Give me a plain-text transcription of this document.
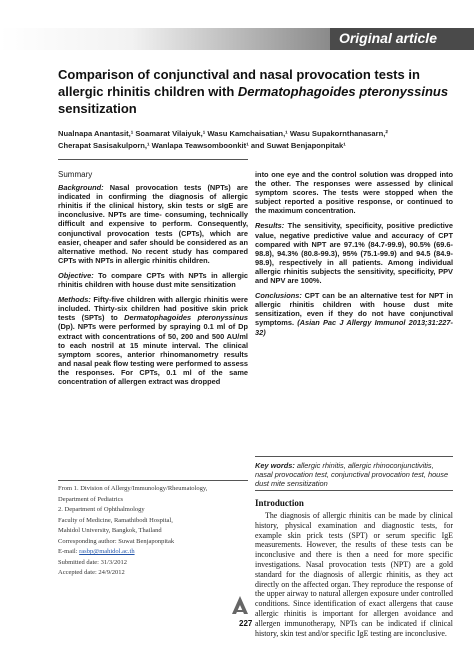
Original article
Comparison of conjunctival and nasal provocation tests in allergic rhinitis children with Dermatophagoides pteronyssinus sensitization
Nualnapa Anantasit,¹ Soamarat Vilaiyuk,¹ Wasu Kamchaisatian,¹ Wasu Supakornthanasarn,²
Cherapat Sasisakulporn,¹ Wanlapa Teawsomboonkit¹ and Suwat Benjaponpitak¹
Summary

Background: Nasal provocation tests (NPTs) are indicated in confirming the diagnosis of allergic rhinitis if the clinical history, skin tests or sIgE are inconclusive. NPTs are time- consuming, technically difficult and expensive to perform. Consequently, conjunctival provocation tests (CPTs), which are easier, cheaper and safer should be considered as an alternative method. No recent study has compared CPTs with NPTs in allergic rhinitis children.

Objective: To compare CPTs with NPTs in allergic rhinitis children with house dust mite sensitization

Methods: Fifty-five children with allergic rhinitis were included. Thirty-six children had positive skin prick tests (SPTs) to Dermatophagoides pteronyssinus (Dp). NPTs were performed by spraying 0.1 ml of Dp extract with concentrations of 50, 200 and 500 AU/ml to each nostril at 15 minute interval. The clinical symptom scores, anterior rhinomanometry results and nasal peak flow testing were performed to assess the responses. For CPTs, 0.1 ml of the same concentration of allergen extract was dropped

into one eye and the control solution was dropped into the other. The responses were assessed by clinical symptom scores. The tests were stopped when the subject reported a positive response, or continued to the maximum concentration.

Results: The sensitivity, specificity, positive predictive value, negative predictive value and accuracy of CPT compared with NPT are 97.1% (84.7-99.9), 90.5% (69.6-98.8), 94.3% (80.8-99.3), 95% (75.1-99.9) and 94.5 (84.9-98.9), respectively in all patients. Among individual allergic rhinitis subjects the sensitivity, specificity, PPV and NPV are 100%.

Conclusions: CPT can be an alternative test for NPT in allergic rhinitis children with house dust mite sensitization, even if they do not have conjunctival symptoms. (Asian Pac J Allergy Immunol 2013;31:227-32)

Key words: allergic rhinitis, allergic rhinoconjunctivitis, nasal provocation test, conjunctival provocation test, house dust mite sensitization
Introduction
The diagnosis of allergic rhinitis can be made by clinical history, physical examination and diagnostic tests, for example skin prick tests (SPT) or serum specific IgE measurements. However, the results of these tests can be inconclusive and there is then a need for more specific investigations. Nasal provocation tests (NPT) are a gold standard for the diagnosis of allergic rhinitis, as they act directly on the affected organ. They reproduce the response of the upper airway to natural allergen exposure under controlled conditions. Since identification of exact allergens that cause allergic rhinitis is important for allergen avoidance and allergen immunotherapy, NPTs can be indicated if clinical history, skin test and/or specific IgE testing are inconclusive.
From 1. Division of Allergy/Immunology/Rheumatology,
Department of Pediatrics
2. Department of Ophthalmology
Faculty of Medicine, Ramathibodi Hospital,
Mahidol University, Bangkok, Thailand
Corresponding author: Suwat Benjaponpitak
E-mail: rasbp@mahidol.ac.th
Submitted date: 31/3/2012
Accepted date: 24/9/2012
227
